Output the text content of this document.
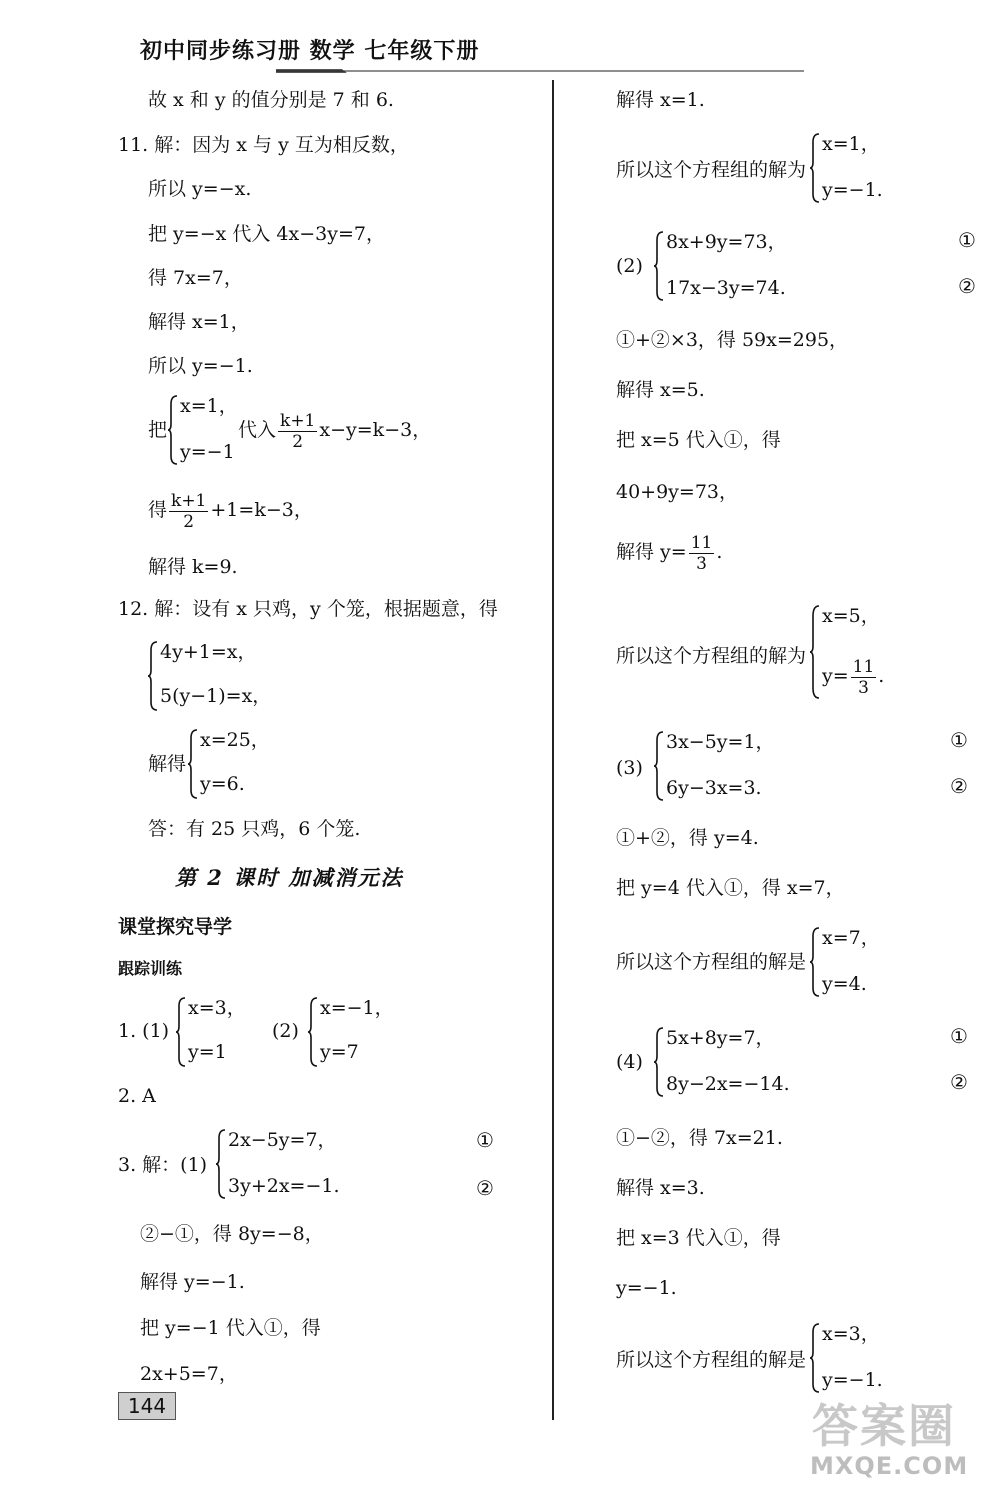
初中同步练习册 数学 七年级下册
故 x 和 y 的值分别是 7 和 6.
11. 解：因为 x 与 y 互为相反数，
所以 y=−x.
把 y=−x 代入 4x−3y=7，
得 7x=7，
解得 x=1，
所以 y=−1.
把
x=1，
y=−1
代入 $\frac{k+1}{2} x-y=k-3$，
得 $\frac{k+1}{2} +1=k-3$，
解得 k=9.
12. 解：设有 x 只鸡，y 个笼，根据题意，得
4y+1=x，
5(y−1)=x，
解得
x=25，
y=6.
答：有 25 只鸡，6 个笼.
第 2 课时 加减消元法
课堂探究导学
跟踪训练
1. (1)
x=3，
y=1
(2)
x=−1，
y=7
2. A
3. 解：(1)
2x−5y=7，
3y+2x=−1.
①
②
②−①，得 8y=−8，
解得 y=−1.
把 y=−1 代入①，得
2x+5=7，
144
解得 x=1.
所以这个方程组的解为
x=1，
y=−1.
(2)
8x+9y=73，
17x−3y=74.
①
②
①+②×3，得 59x=295，
解得 x=5.
把 x=5 代入①，得
40+9y=73，
解得 $y= \frac{11}{3}$ .
所以这个方程组的解为
x=5，
$y= \frac{11}{3}$ .
(3)
3x−5y=1，
6y−3x=3.
①
②
①+②，得 y=4.
把 y=4 代入①，得 x=7，
所以这个方程组的解是
x=7，
y=4.
(4)
5x+8y=7，
8y−2x=−14.
①
②
①−②，得 7x=21.
解得 x=3.
把 x=3 代入①，得
y=−1.
所以这个方程组的解是
x=3，
y=−1.
答案圈
MXQE.COM
